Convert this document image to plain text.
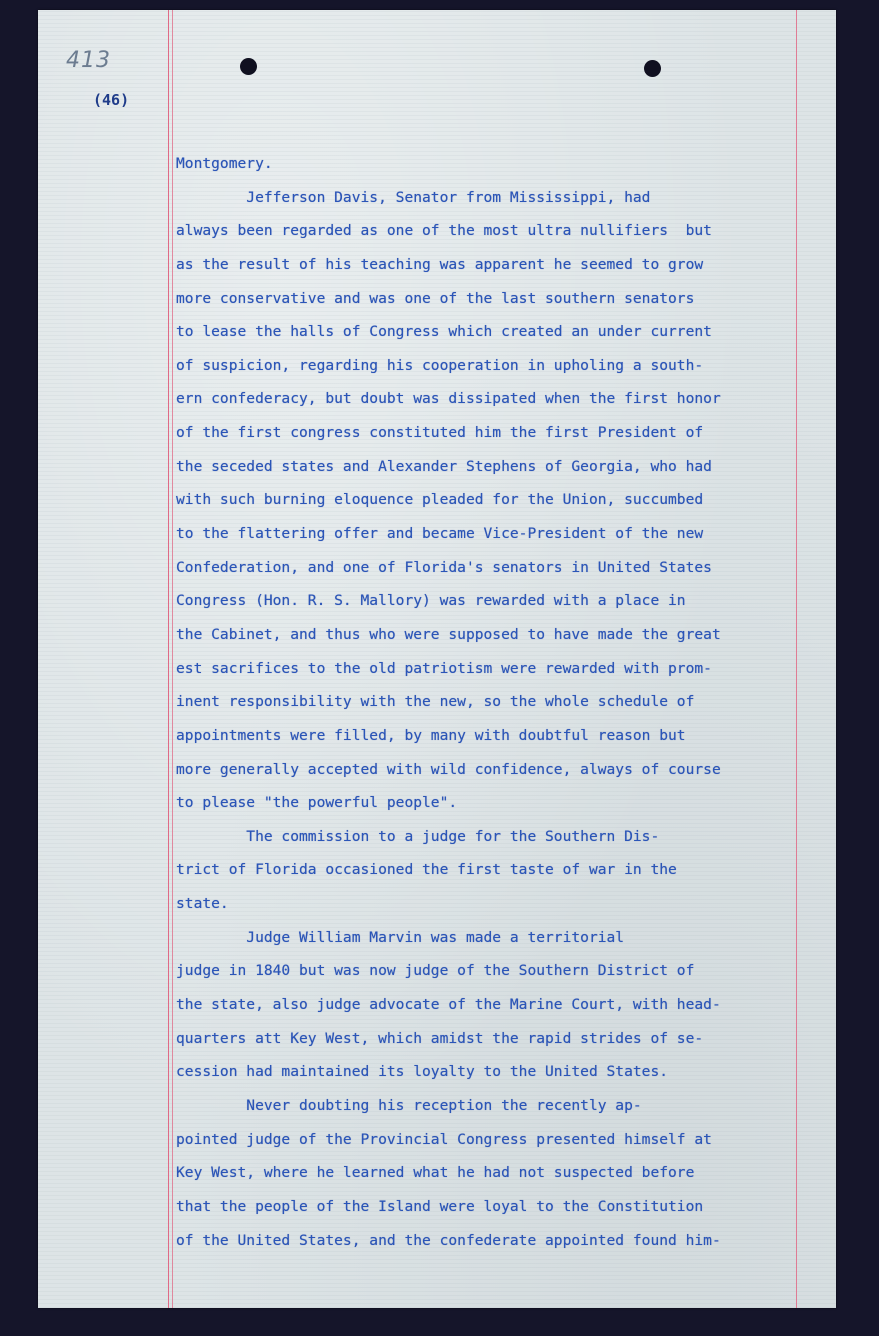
413
(46)
Montgomery.
Jefferson Davis, Senator from Mississippi, had
always been regarded as one of the most ultra nullifiers  but
as the result of his teaching was apparent he seemed to grow
more conservative and was one of the last southern senators
to lease the halls of Congress which created an under current
of suspicion, regarding his cooperation in upholing a south-
ern confederacy, but doubt was dissipated when the first honor
of the first congress constituted him the first President of
the seceded states and Alexander Stephens of Georgia, who had
with such burning eloquence pleaded for the Union, succumbed
to the flattering offer and became Vice-President of the new
Confederation, and one of Florida's senators in United States
Congress (Hon. R. S. Mallory) was rewarded with a place in
the Cabinet, and thus who were supposed to have made the great
est sacrifices to the old patriotism were rewarded with prom-
inent responsibility with the new, so the whole schedule of
appointments were filled, by many with doubtful reason but
more generally accepted with wild confidence, always of course
to please "the powerful people".
The commission to a judge for the Southern Dis-
trict of Florida occasioned the first taste of war in the
state.
Judge William Marvin was made a territorial
judge in 1840 but was now judge of the Southern District of
the state, also judge advocate of the Marine Court, with head-
quarters att Key West, which amidst the rapid strides of se-
cession had maintained its loyalty to the United States.
Never doubting his reception the recently ap-
pointed judge of the Provincial Congress presented himself at
Key West, where he learned what he had not suspected before
that the people of the Island were loyal to the Constitution
of the United States, and the confederate appointed found him-
